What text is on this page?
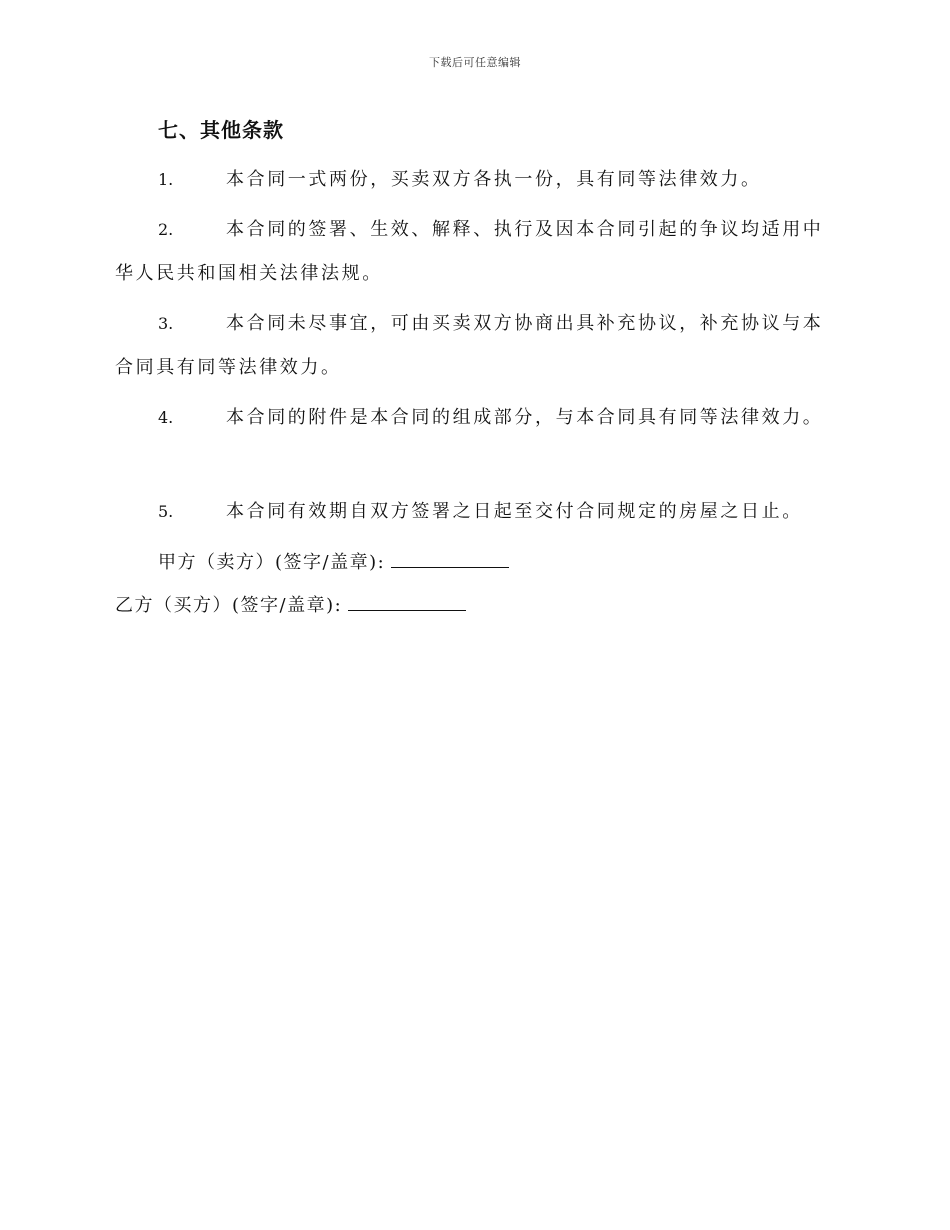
下载后可任意编辑
七、其他条款
1.	本合同一式两份，买卖双方各执一份，具有同等法律效力。
2.	本合同的签署、生效、解释、执行及因本合同引起的争议均适用中华人民共和国相关法律法规。
3.	本合同未尽事宜，可由买卖双方协商出具补充协议，补充协议与本合同具有同等法律效力。
4.	本合同的附件是本合同的组成部分，与本合同具有同等法律效力。
5.	本合同有效期自双方签署之日起至交付合同规定的房屋之日止。
甲方（卖方）(签字/盖章):
乙方（买方）(签字/盖章):
